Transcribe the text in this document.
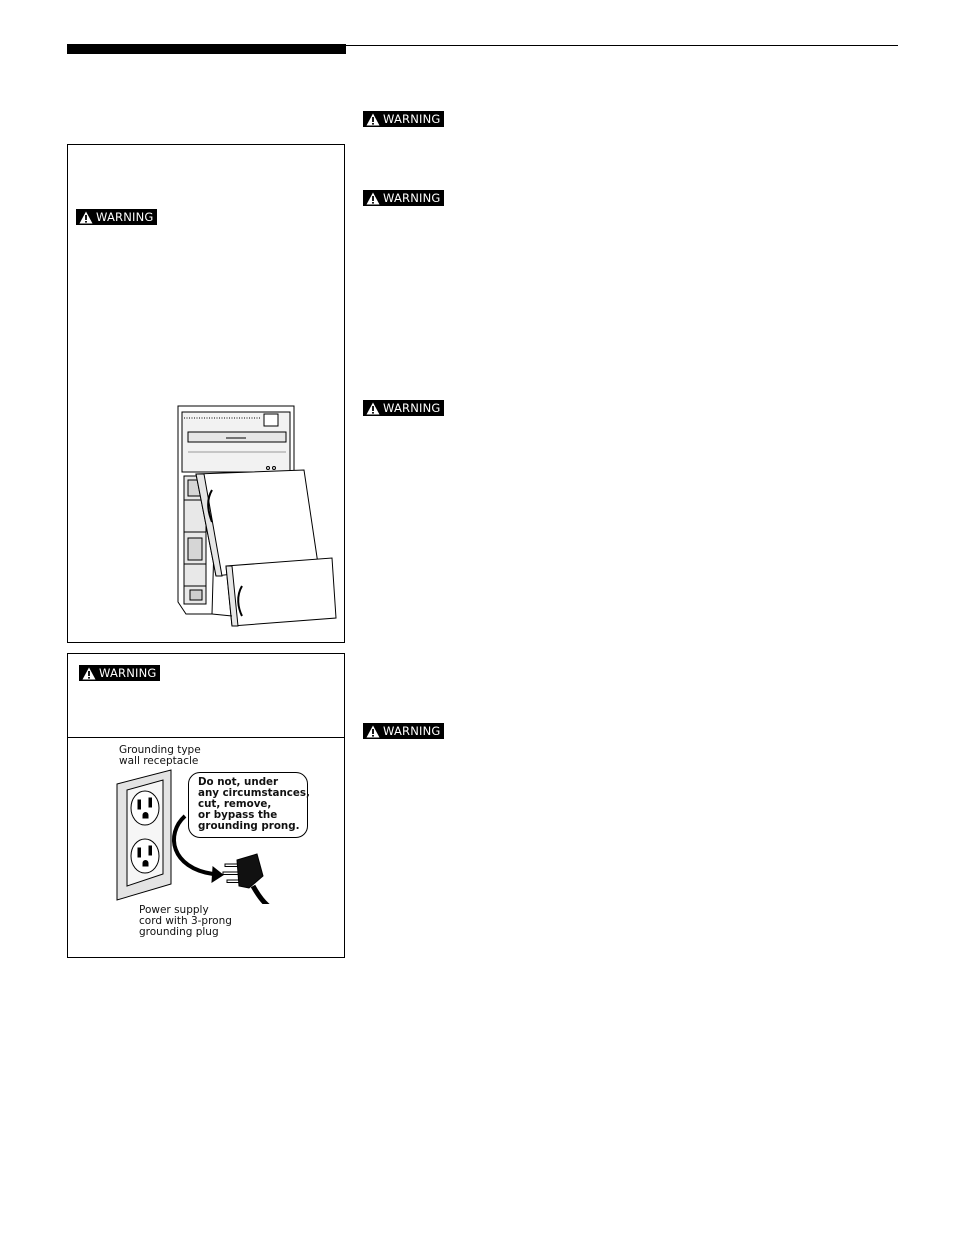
WARNING
WARNING
WARNING
WARNING
WARNING
WARNING
Grounding type
wall receptacle
Do not, under
any circumstances,
cut, remove,
or bypass the
grounding prong.
Power supply
cord with 3-prong
grounding plug
